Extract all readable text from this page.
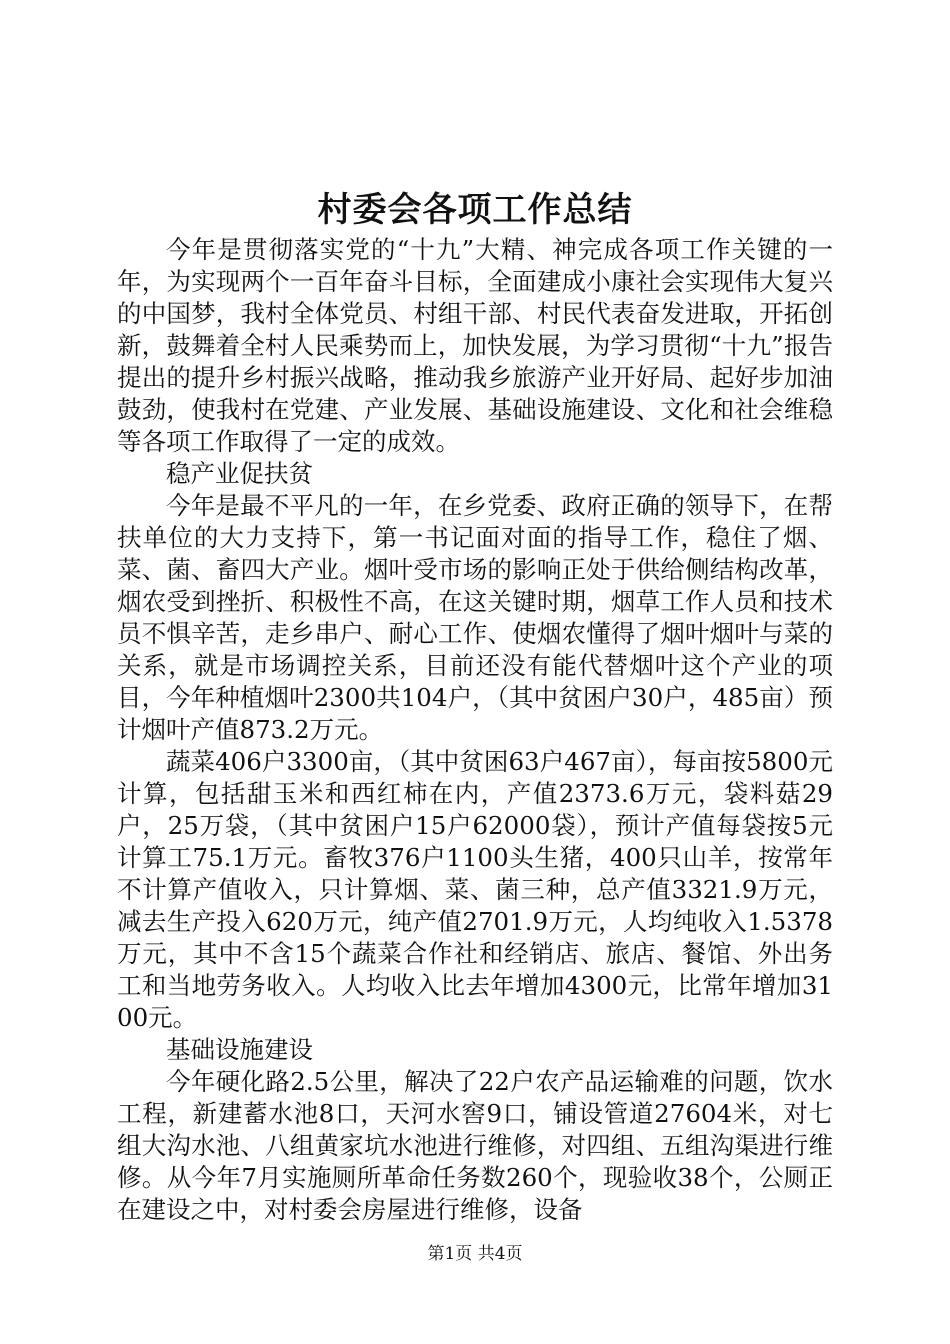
村委会各项工作总结

今年是贯彻落实党的“十九”大精、神完成各项工作关键的一年，为实现两个一百年奋斗目标，全面建成小康社会实现伟大复兴的中国梦，我村全体党员、村组干部、村民代表奋发进取，开拓创新，鼓舞着全村人民乘势而上，加快发展，为学习贯彻“十九”报告提出的提升乡村振兴战略，推动我乡旅游产业开好局、起好步加油鼓劲，使我村在党建、产业发展、基础设施建设、文化和社会维稳等各项工作取得了一定的成效。

稳产业促扶贫

今年是最不平凡的一年，在乡党委、政府正确的领导下，在帮扶单位的大力支持下，第一书记面对面的指导工作，稳住了烟、菜、菌、畜四大产业。烟叶受市场的影响正处于供给侧结构改革，烟农受到挫折、积极性不高，在这关键时期，烟草工作人员和技术员不惧辛苦，走乡串户、耐心工作、使烟农懂得了烟叶烟叶与菜的关系，就是市场调控关系，目前还没有能代替烟叶这个产业的项目，今年种植烟叶2300共104户，（其中贫困户30户，485亩）预计烟叶产值873.2万元。

蔬菜406户3300亩，（其中贫困63户467亩），每亩按5800元计算，包括甜玉米和西红柿在内，产值2373.6万元，袋料菇29户，25万袋，（其中贫困户15户62000袋），预计产值每袋按5元计算工75.1万元。畜牧376户1100头生猪，400只山羊，按常年不计算产值收入，只计算烟、菜、菌三种，总产值3321.9万元，减去生产投入620万元，纯产值2701.9万元，人均纯收入1.5378万元，其中不含15个蔬菜合作社和经销店、旅店、餐馆、外出务工和当地劳务收入。人均收入比去年增加4300元，比常年增加3100元。

基础设施建设

今年硬化路2.5公里，解决了22户农产品运输难的问题，饮水工程，新建蓄水池8口，天河水窖9口，铺设管道27604米，对七组大沟水池、八组黄家坑水池进行维修，对四组、五组沟渠进行维修。从今年7月实施厕所革命任务数260个，现验收38个，公厕正在建设之中，对村委会房屋进行维修，设备

第1页 共4页
